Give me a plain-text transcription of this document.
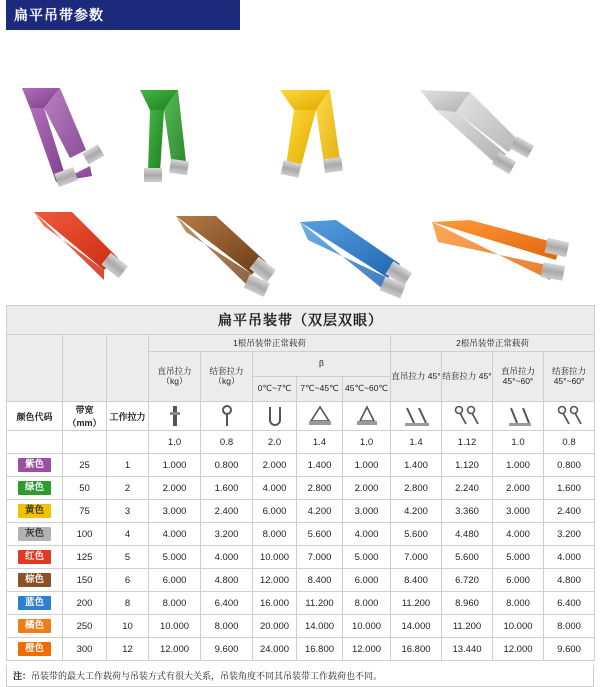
扁平吊带参数
扁平吊装带（双层双眼）											
			1根吊装带正常载荷					2根吊装带正常载荷			

			直吊拉力（kg）	结套拉力（kg）	β			直吊拉力 45°	结套拉力 45°	直吊拉力 45°~60°	结套拉力 45°~60°

					0℃~7℃	7℃~45℃	45℃~60℃				
颜色代码	带宽（mm）	工作拉力	

			1.0	0.8	2.0	1.4	1.0	1.4	1.12	1.0	0.8
紫色	25	1	1.000	0.800	2.000	1.400	1.000	1.400	1.120	1.000	0.800
绿色	50	2	2.000	1.600	4.000	2.800	2.000	2.800	2.240	2.000	1.600
黄色	75	3	3.000	2.400	6.000	4.200	3.000	4.200	3.360	3.000	2.400
灰色	100	4	4.000	3.200	8.000	5.600	4.000	5.600	4.480	4.000	3.200
红色	125	5	5.000	4.000	10.000	7.000	5.000	7.000	5.600	5.000	4.000
棕色	150	6	6.000	4.800	12.000	8.400	6.000	8.400	6.720	6.000	4.800
蓝色	200	8	8.000	6.400	16.000	11.200	8.000	11.200	8.960	8.000	6.400
橘色	250	10	10.000	8.000	20.000	14.000	10.000	14.000	11.200	10.000	8.000
橙色	300	12	12.000	9.600	24.000	16.800	12.000	16.800	13.440	12.000	9.600
注： 吊装带的最大工作载荷与吊装方式有很大关系，吊装角度不同其吊装带工作载荷也不同。
